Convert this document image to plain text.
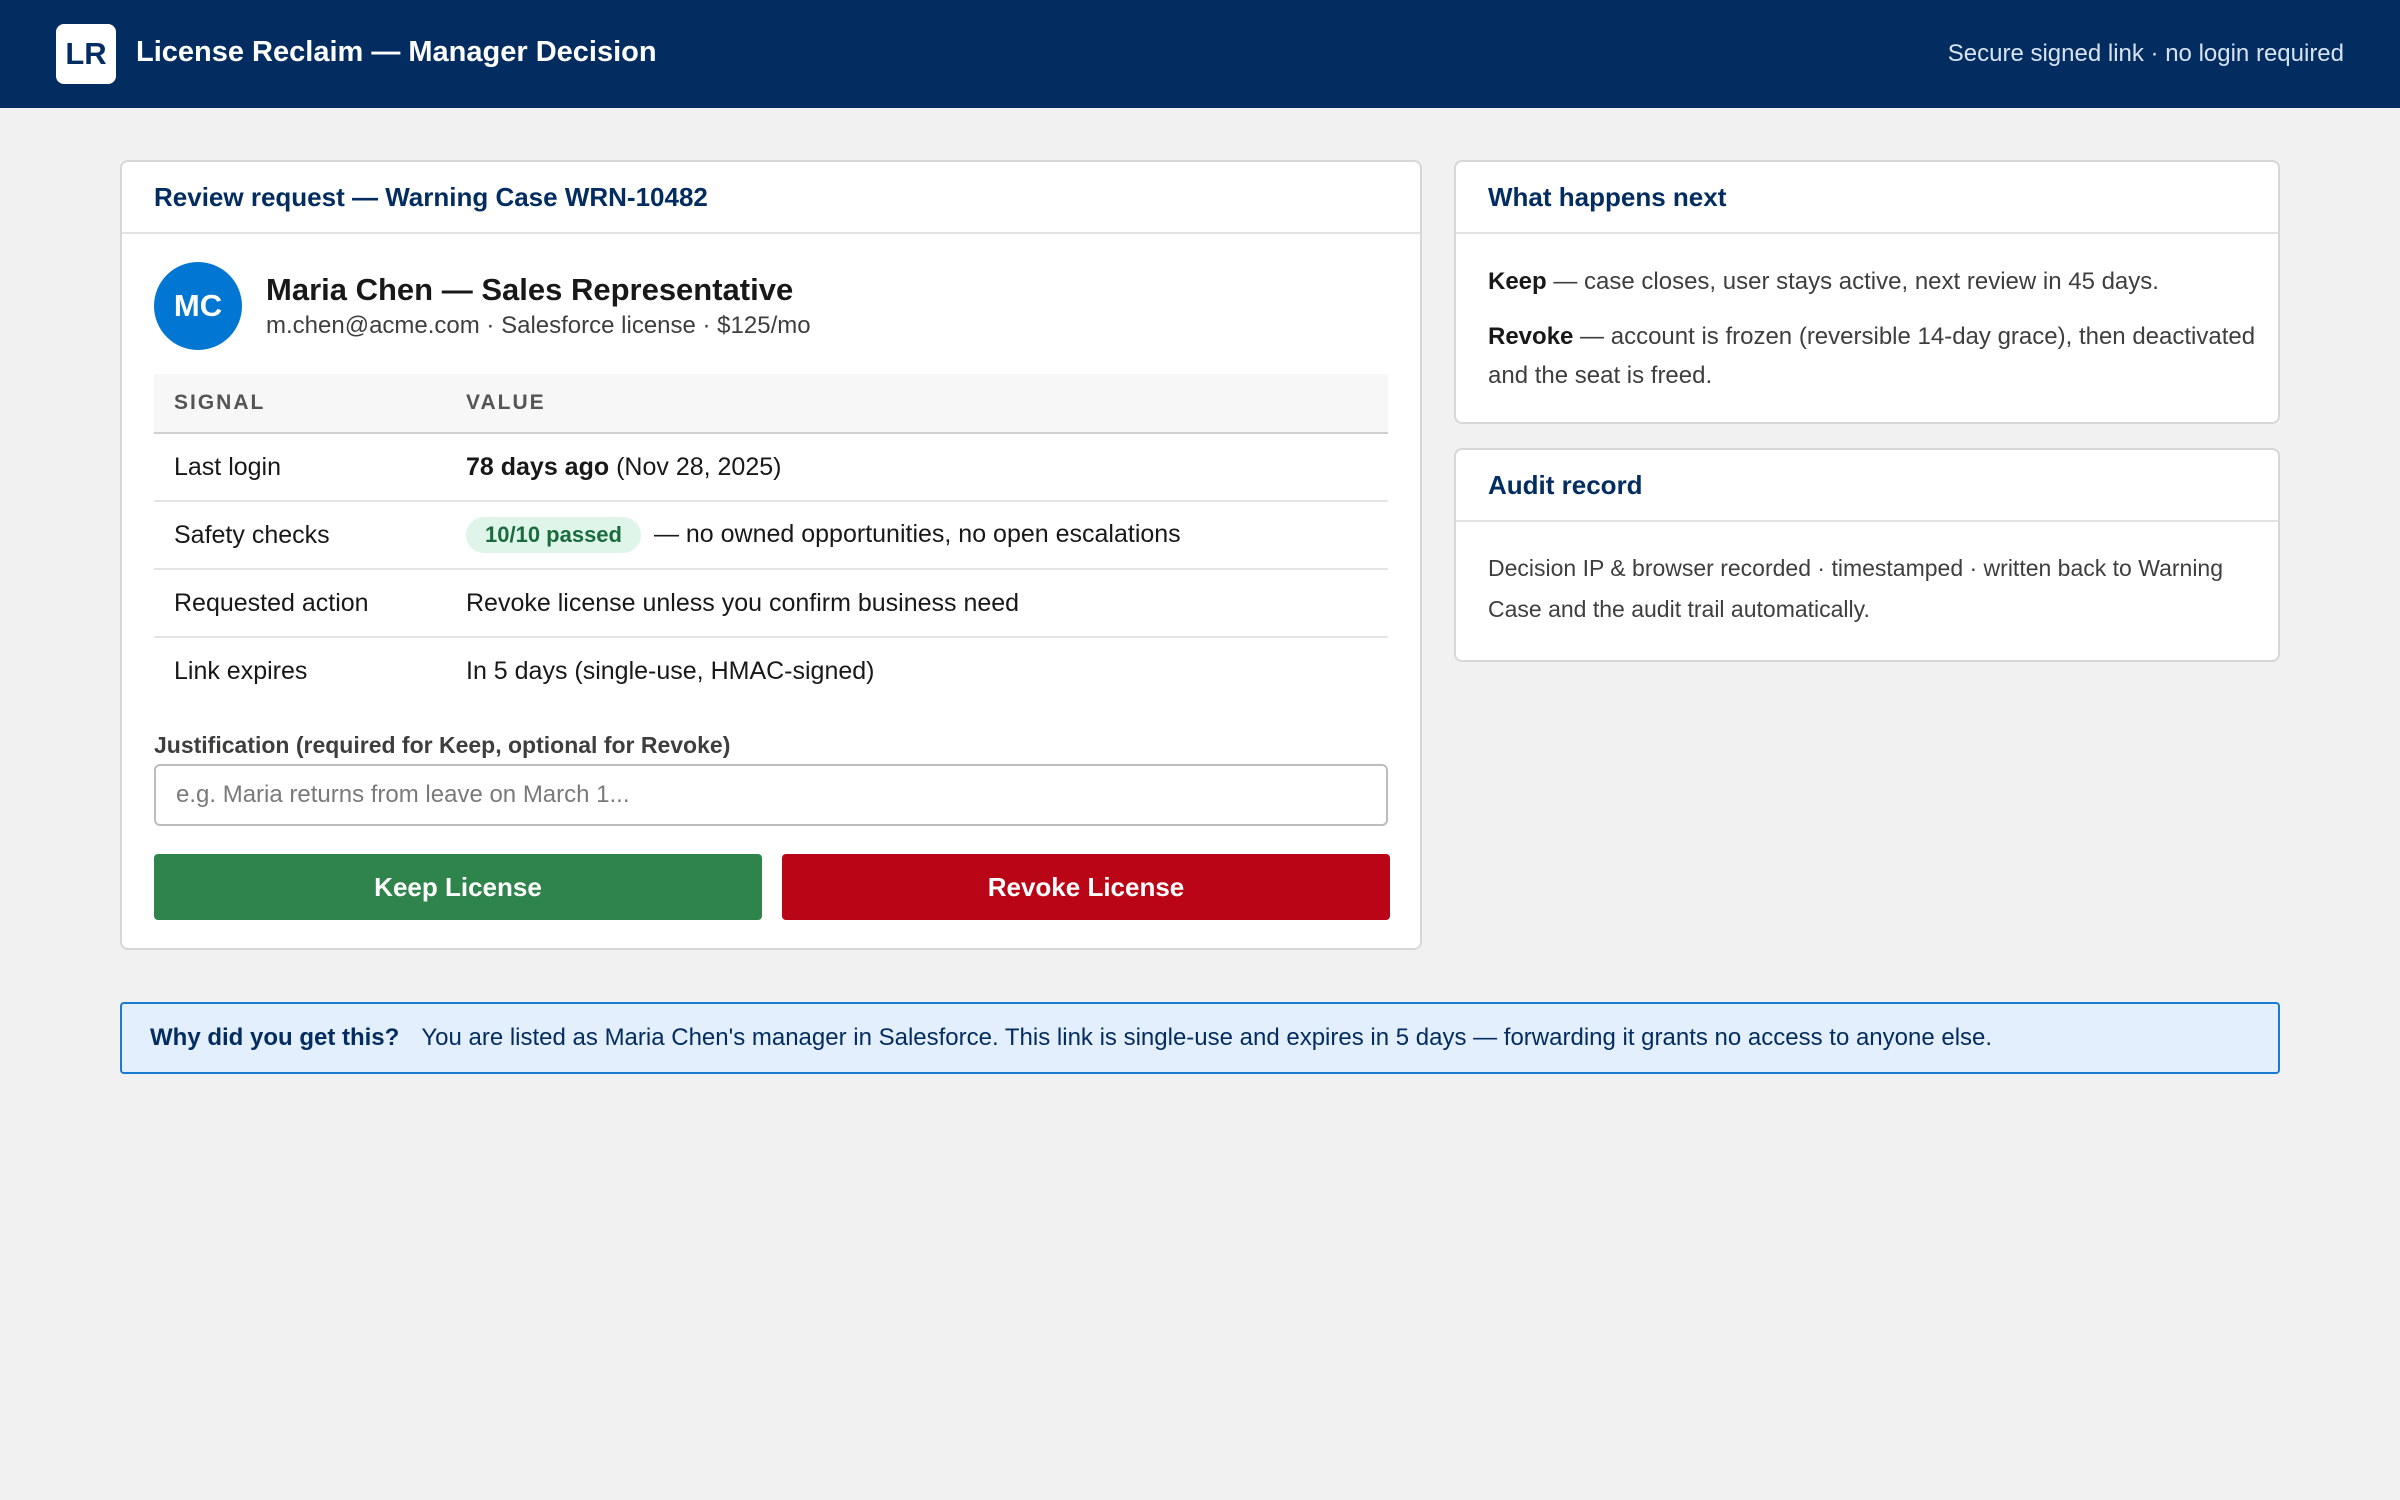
LR	License Reclaim — Manager Decision	Secure signed link · no login required
Review request — Warning Case WRN-10482
MC	Maria Chen — Sales Representative
m.chen@acme.com · Salesforce license · $125/mo
SIGNAL	VALUE
Last login	78 days ago (Nov 28, 2025)
Safety checks	10/10 passed — no owned opportunities, no open escalations
Requested action	Revoke license unless you confirm business need
Link expires	In 5 days (single-use, HMAC-signed)
Justification (required for Keep, optional for Revoke)
e.g. Maria returns from leave on March 1...
Keep License	Revoke License
What happens next

Keep — case closes, user stays active, next review in 45 days.

Revoke — account is frozen (reversible 14-day grace), then deactivated and the seat is freed.

Audit record
Decision IP & browser recorded · timestamped · written back to Warning Case and the audit trail automatically.
Why did you get this? You are listed as Maria Chen's manager in Salesforce. This link is single-use and expires in 5 days — forwarding it grants no access to anyone else.
